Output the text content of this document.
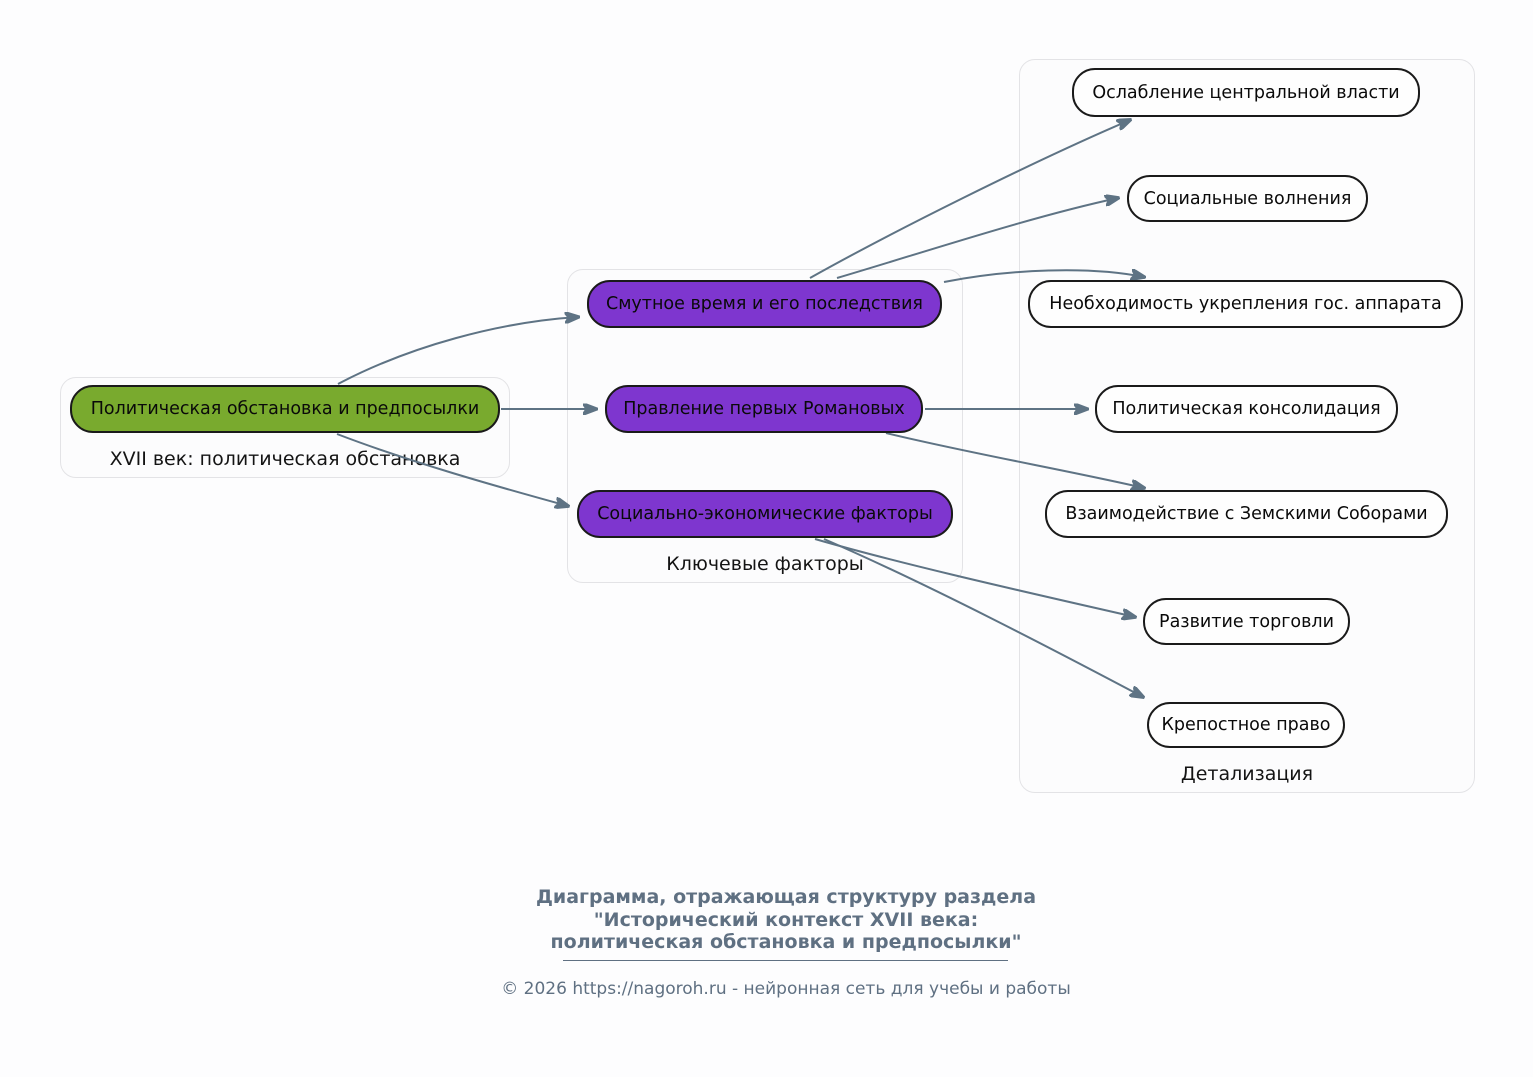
XVII век: политическая обстановка
Ключевые факторы
Детализация
Политическая обстановка и предпосылки
Смутное время и его последствия
Правление первых Романовых
Социально-экономические факторы
Ослабление центральной власти
Социальные волнения
Необходимость укрепления гос. аппарата
Политическая консолидация
Взаимодействие с Земскими Соборами
Развитие торговли
Крепостное право
Диаграмма, отражающая структуру раздела
"Исторический контекст XVII века:
политическая обстановка и предпосылки"
© 2026 https://nagoroh.ru - нейронная сеть для учебы и работы
